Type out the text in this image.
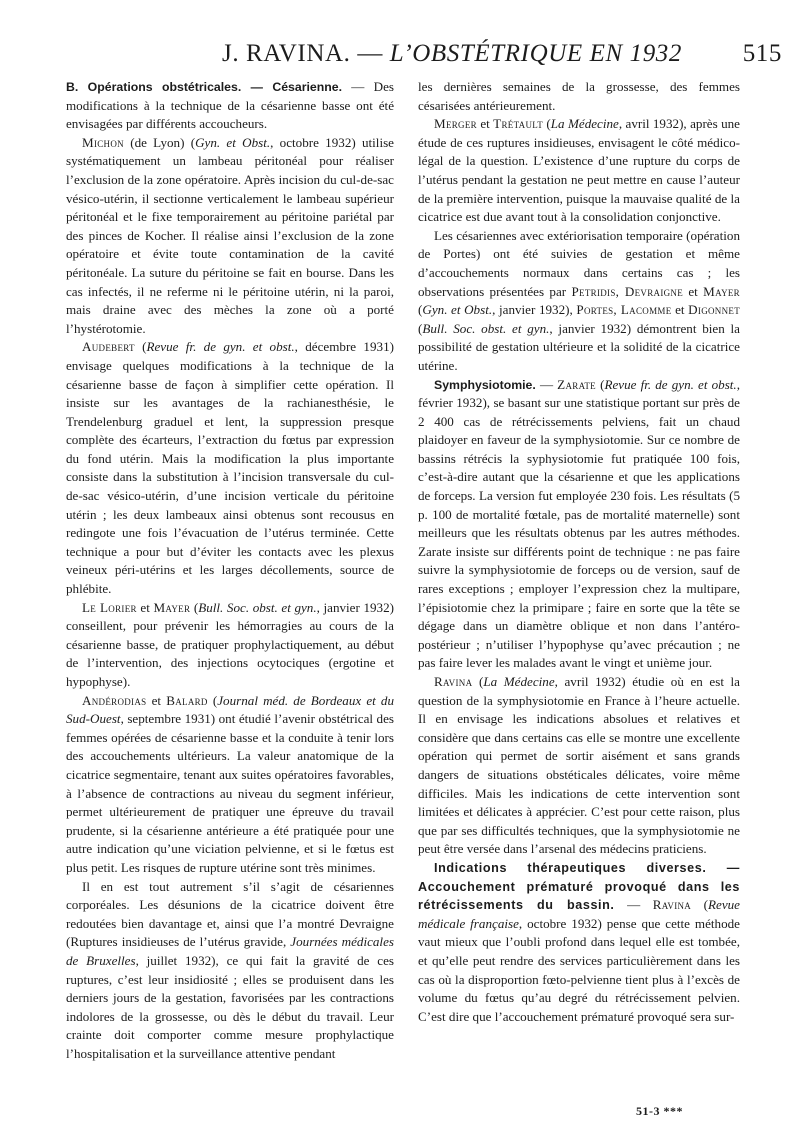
J. RAVINA. — L’OBSTÉTRIQUE EN 1932 515

B. Opérations obstétricales. — Césarienne. — Des modifications à la technique de la césarienne basse ont été envisagées par différents accoucheurs.

Michon (de Lyon) (Gyn. et Obst., octobre 1932) utilise systématiquement un lambeau péritonéal pour réaliser l’exclusion de la zone opératoire. Après incision du cul-de-sac vésico-utérin, il sectionne verticalement le lambeau supérieur péritonéal et le fixe temporairement au péritoine pariétal par des pinces de Kocher. Il réalise ainsi l’exclusion de la zone opératoire et évite toute contamination de la cavité péritonéale. La suture du péritoine se fait en bourse. Dans les cas infectés, il ne referme ni le péritoine utérin, ni la paroi, mais draine avec des mèches la zone où a porté l’hystérotomie.

Audebert (Revue fr. de gyn. et obst., décembre 1931) envisage quelques modifications à la technique de la césarienne basse de façon à simplifier cette opération. Il insiste sur les avantages de la rachianesthésie, le Trendelenburg graduel et lent, la suppression presque complète des écarteurs, l’extraction du fœtus par expression du fond utérin. Mais la modification la plus importante consiste dans la substitution à l’incision transversale du cul-de-sac vésico-utérin, d’une incision verticale du péritoine utérin ; les deux lambeaux ainsi obtenus sont recousus en redingote une fois l’évacuation de l’utérus terminée. Cette technique a pour but d’éviter les contacts avec les plexus veineux péri-utérins et les larges décollements, source de phlébite.

Le Lorier et Mayer (Bull. Soc. obst. et gyn., janvier 1932) conseillent, pour prévenir les hémorragies au cours de la césarienne basse, de pratiquer prophylactiquement, au début de l’intervention, des injections ocytociques (ergotine et hypophyse).

Andérodias et Balard (Journal méd. de Bordeaux et du Sud-Ouest, septembre 1931) ont étudié l’avenir obstétrical des femmes opérées de césarienne basse et la conduite à tenir lors des accouchements ultérieurs. La valeur anatomique de la cicatrice segmentaire, tenant aux suites opératoires favorables, à l’absence de contractions au niveau du segment inférieur, permet ultérieurement de pratiquer une épreuve du travail prudente, si la césarienne antérieure a été pratiquée pour une autre indication qu’une viciation pelvienne, et si le fœtus est plus petit. Les risques de rupture utérine sont très minimes.

Il en est tout autrement s’il s’agit de césariennes corporéales. Les désunions de la cicatrice doivent être redoutées bien davantage et, ainsi que l’a montré Devraigne (Ruptures insidieuses de l’utérus gravide, Journées médicales de Bruxelles, juillet 1932), ce qui fait la gravité de ces ruptures, c’est leur insidiosité ; elles se produisent dans les derniers jours de la gestation, favorisées par les contractions indolores de la grossesse, ou dès le début du travail. Leur crainte doit comporter comme mesure prophylactique l’hospitalisation et la surveillance attentive pendant

les dernières semaines de la grossesse, des femmes césarisées antérieurement.

Merger et Trétault (La Médecine, avril 1932), après une étude de ces ruptures insidieuses, envisagent le côté médico-légal de la question. L’existence d’une rupture du corps de l’utérus pendant la gestation ne peut mettre en cause l’auteur de la première intervention, puisque la mauvaise qualité de la cicatrice est due avant tout à la consolidation conjonctive.

Les césariennes avec extériorisation temporaire (opération de Portes) ont été suivies de gestation et même d’accouchements normaux dans certains cas ; les observations présentées par Petridis, Devraigne et Mayer (Gyn. et Obst., janvier 1932), Portes, Lacomme et Digonnet (Bull. Soc. obst. et gyn., janvier 1932) démontrent bien la possibilité de gestation ultérieure et la solidité de la cicatrice utérine.

Symphysiotomie. — Zarate (Revue fr. de gyn. et obst., février 1932), se basant sur une statistique portant sur près de 2 400 cas de rétrécissements pelviens, fait un chaud plaidoyer en faveur de la symphysiotomie. Sur ce nombre de bassins rétrécis la syphysiotomie fut pratiquée 100 fois, c’est-à-dire autant que la césarienne et que les applications de forceps. La version fut employée 230 fois. Les résultats (5 p. 100 de mortalité fœtale, pas de mortalité maternelle) sont meilleurs que les résultats obtenus par les autres méthodes. Zarate insiste sur différents point de technique : ne pas faire suivre la symphysiotomie de forceps ou de version, sauf de rares exceptions ; employer l’expression chez la multipare, l’épisiotomie chez la primipare ; faire en sorte que la tête se dégage dans un diamètre oblique et non dans l’antéro-postérieur ; n’utiliser l’hypophyse qu’avec précaution ; ne pas faire lever les malades avant le vingt et unième jour.

Ravina (La Médecine, avril 1932) étudie où en est la question de la symphysiotomie en France à l’heure actuelle. Il en envisage les indications absolues et relatives et considère que dans certains cas elle se montre une excellente opération qui permet de sortir aisément et sans grands dangers de situations obstéticales délicates, voire même difficiles. Mais les indications de cette intervention sont limitées et délicates à apprécier. C’est pour cette raison, plus que par ses difficultés techniques, que la symphysiotomie ne peut être versée dans l’arsenal des médecins praticiens.

Indications thérapeutiques diverses. — Accouchement prématuré provoqué dans les rétrécissements du bassin. — Ravina (Revue médicale française, octobre 1932) pense que cette méthode vaut mieux que l’oubli profond dans lequel elle est tombée, et qu’elle peut rendre des services particulièrement dans les cas où la disproportion fœto-pelvienne tient plus à l’excès de volume du fœtus qu’au degré du rétrécissement pelvien. C’est dire que l’accouchement prématuré provoqué sera sur-

51-3 ***
